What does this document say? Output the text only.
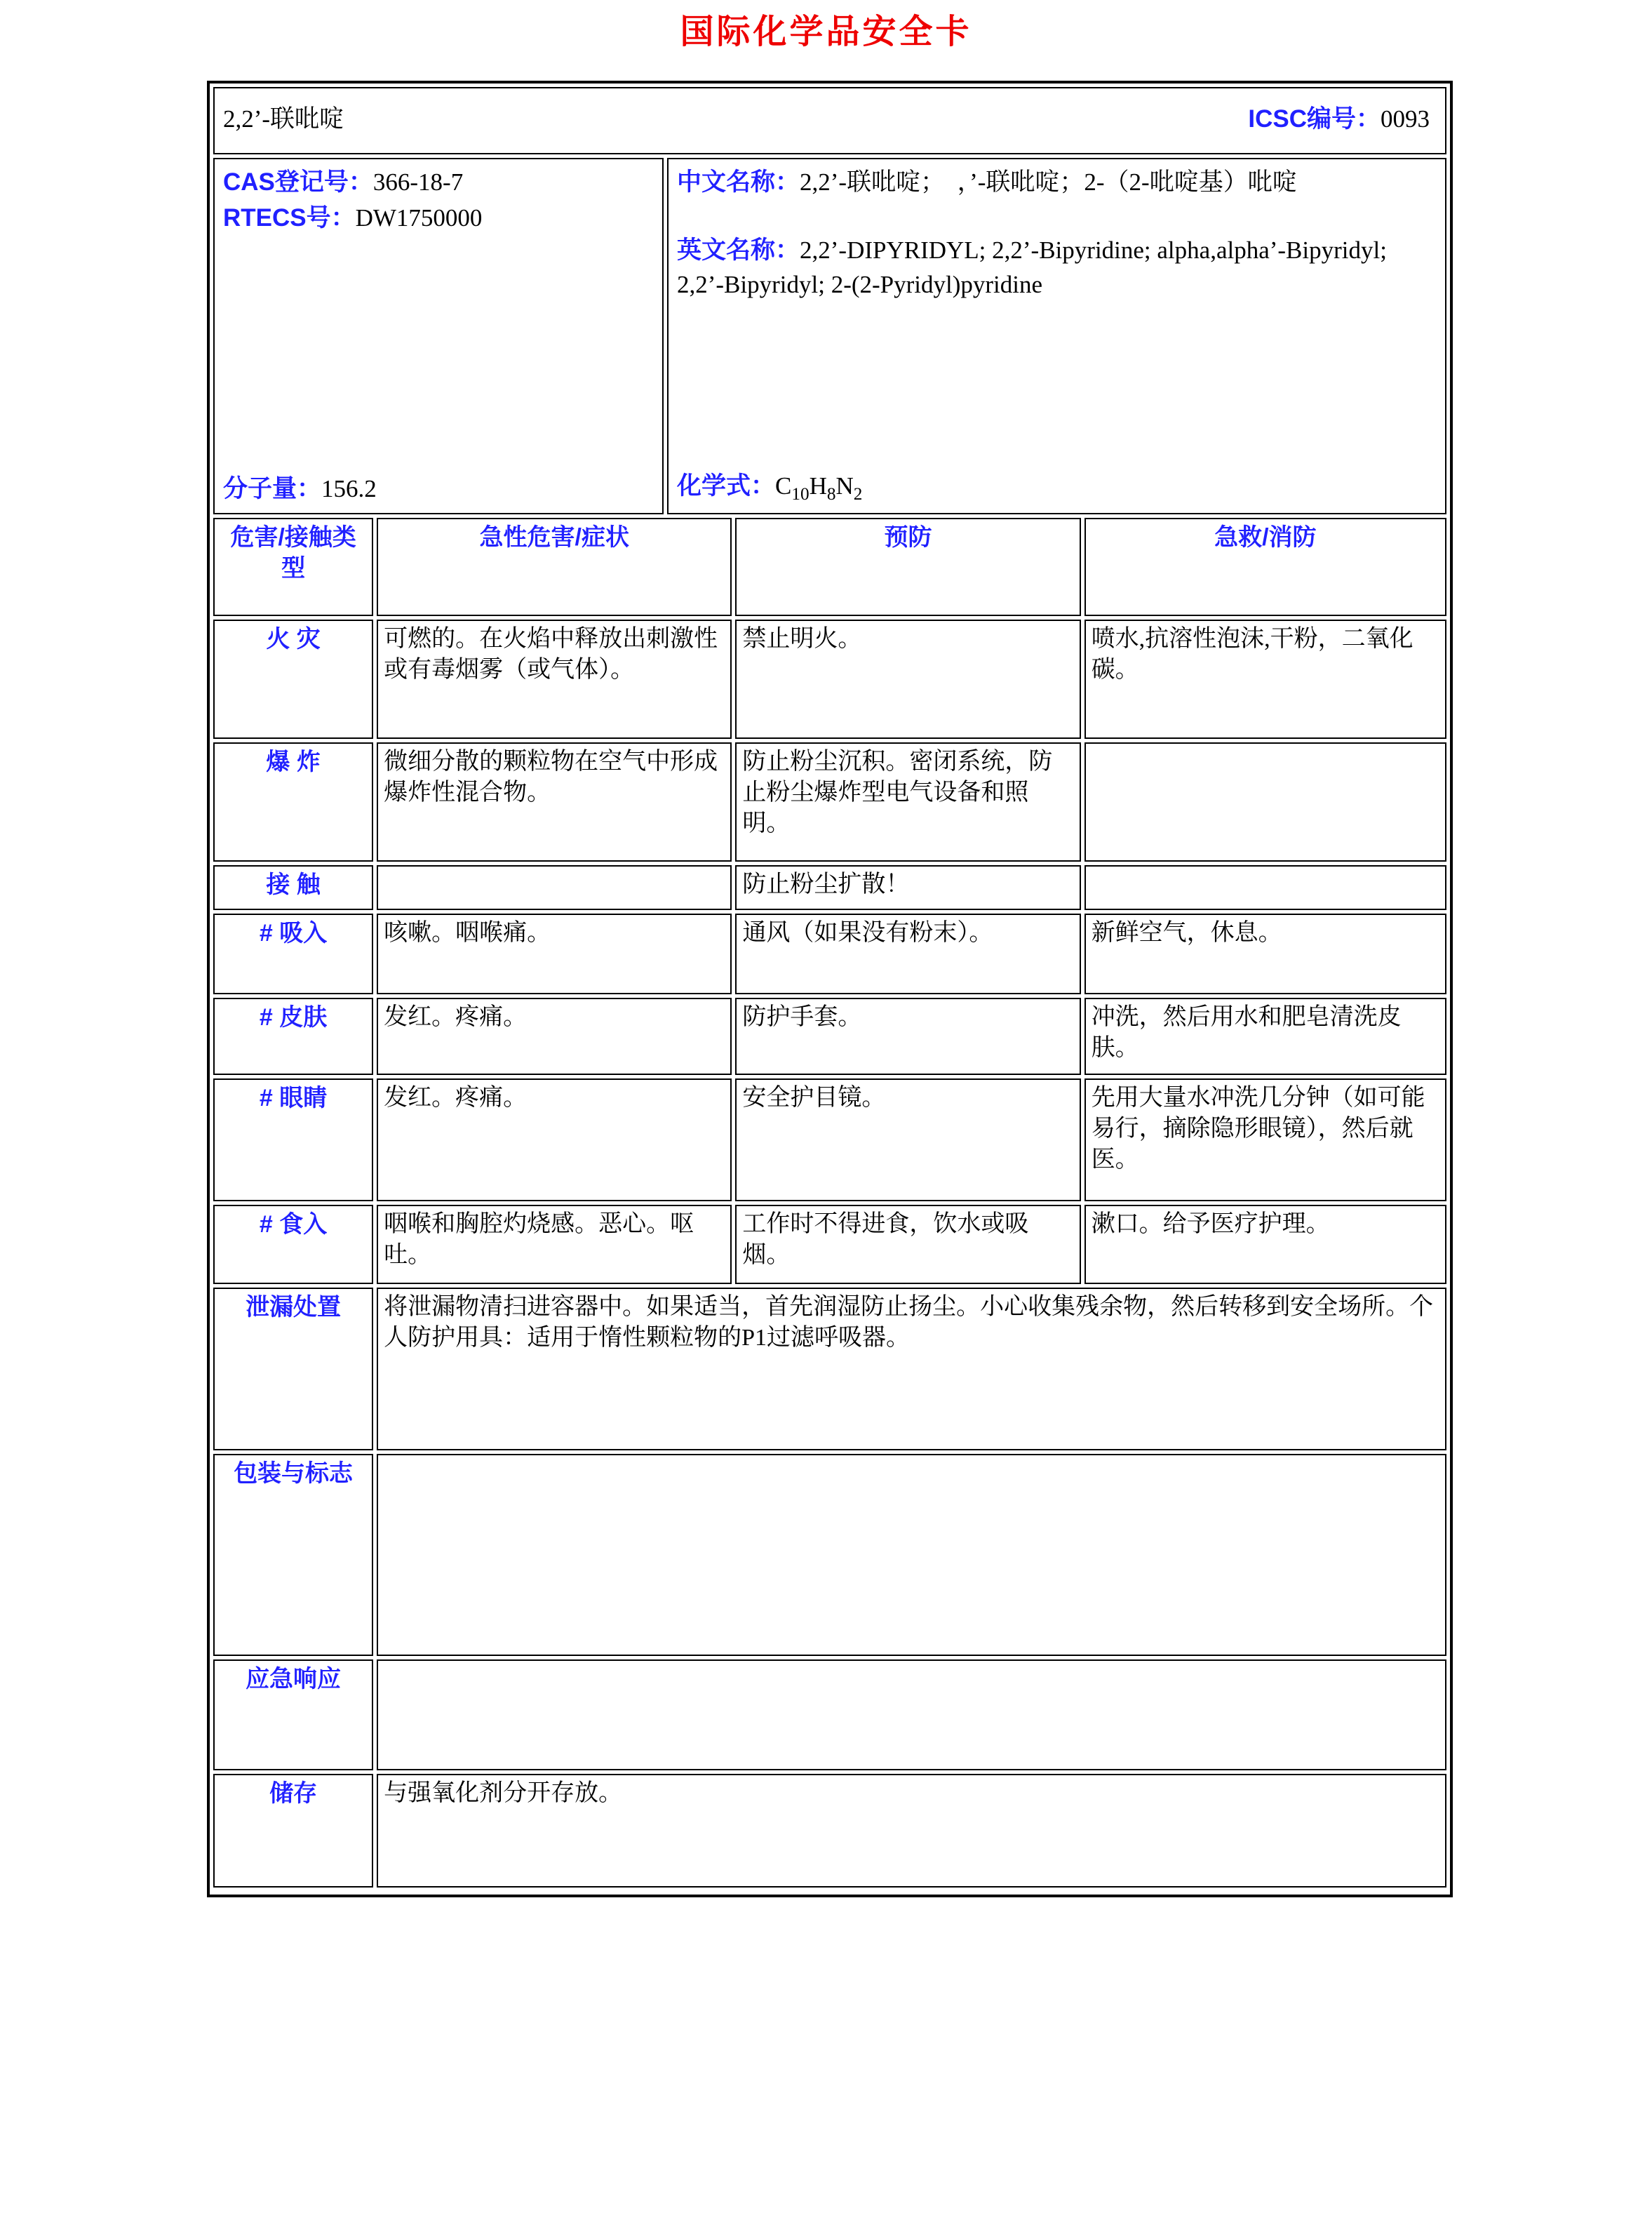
国际化学品安全卡
2,2’-联吡啶	ICSC编号：0093
CAS登记号：366-18-7
RTECS号：DW1750000
分子量：156.2
中文名称：2,2’-联吡啶；　，’-联吡啶；2-（2-吡啶基）吡啶
英文名称：2,2’-DIPYRIDYL; 2,2’-Bipyridine; alpha,alpha’-Bipyridyl; 2,2’-Bipyridyl; 2-(2-Pyridyl)pyridine
化学式：$C_{10}H_8N_2$
危害/接触类型	急性危害/症状	预防	急救/消防
火 灾	可燃的。在火焰中释放出刺激性或有毒烟雾（或气体）。	禁止明火。	喷水,抗溶性泡沫,干粉，二氧化碳。
爆 炸	微细分散的颗粒物在空气中形成爆炸性混合物。	防止粉尘沉积。密闭系统，防止粉尘爆炸型电气设备和照明。	
接 触		防止粉尘扩散！	
# 吸入	咳嗽。咽喉痛。	通风（如果没有粉末）。	新鲜空气，休息。
# 皮肤	发红。疼痛。	防护手套。	冲洗，然后用水和肥皂清洗皮肤。
# 眼睛	发红。疼痛。	安全护目镜。	先用大量水冲洗几分钟（如可能易行，摘除隐形眼镜），然后就医。
# 食入	咽喉和胸腔灼烧感。恶心。呕吐。	工作时不得进食，饮水或吸烟。	漱口。给予医疗护理。
泄漏处置	将泄漏物清扫进容器中。如果适当，首先润湿防止扬尘。小心收集残余物，然后转移到安全场所。个人防护用具：适用于惰性颗粒物的P1过滤呼吸器。		
包装与标志			
应急响应			
储存	与强氧化剂分开存放。		
